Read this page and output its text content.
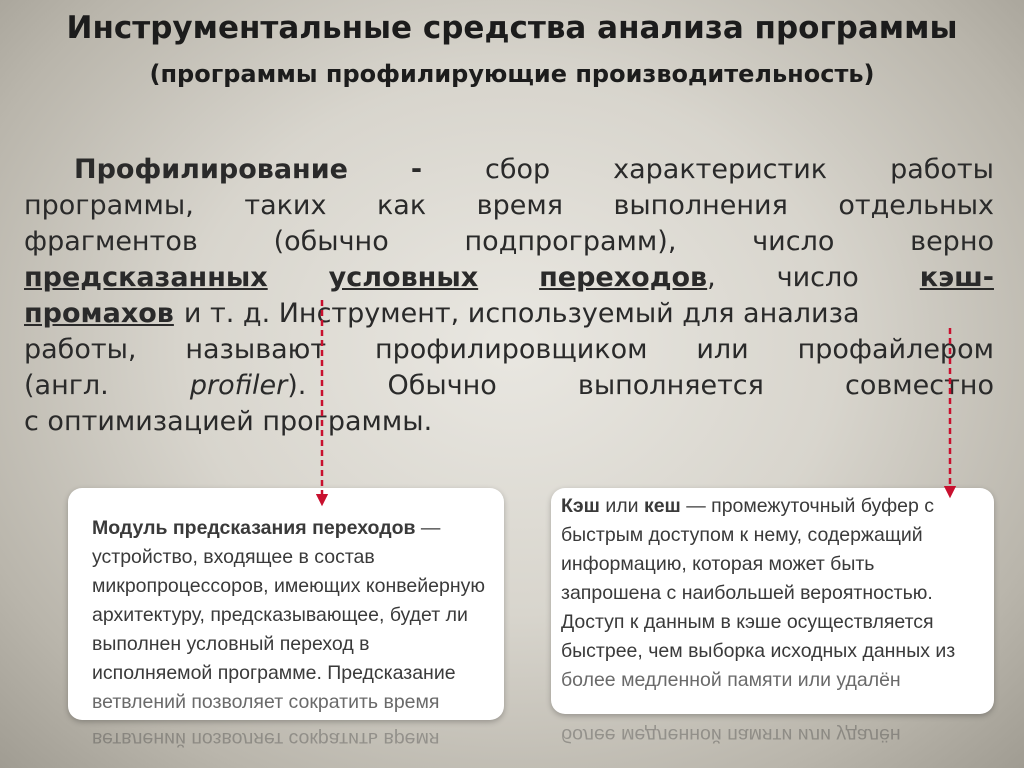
Инструментальные средства анализа программы
(программы профилирующие производительность)
Профилирование - сбор характеристик работы
программы, таких как время выполнения отдельных
фрагментов	(обычно	подпрограмм),	число	верно
предсказанных условных переходов, число кэш-
промахов и т. д. Инструмент, используемый для анализа
работы, называют профилировщиком или профайлером
(англ.	profiler).	Обычно	выполняется	совместно
с оптимизацией программы.
Модуль предсказания переходов —
устройство, входящее в состав
микропроцессоров, имеющих конвейерную
архитектуру, предсказывающее, будет ли
выполнен условный переход в
исполняемой программе. Предсказание
ветвлений позволяет сократить время
Кэш или кеш — промежуточный буфер с
быстрым доступом к нему, содержащий
информацию, которая может быть
запрошена с наибольшей вероятностью.
Доступ к данным в кэше осуществляется
быстрее, чем выборка исходных данных из
более медленной памяти или удалён
ветвлений позволяет сократить время	более медленной памяти или удалён
